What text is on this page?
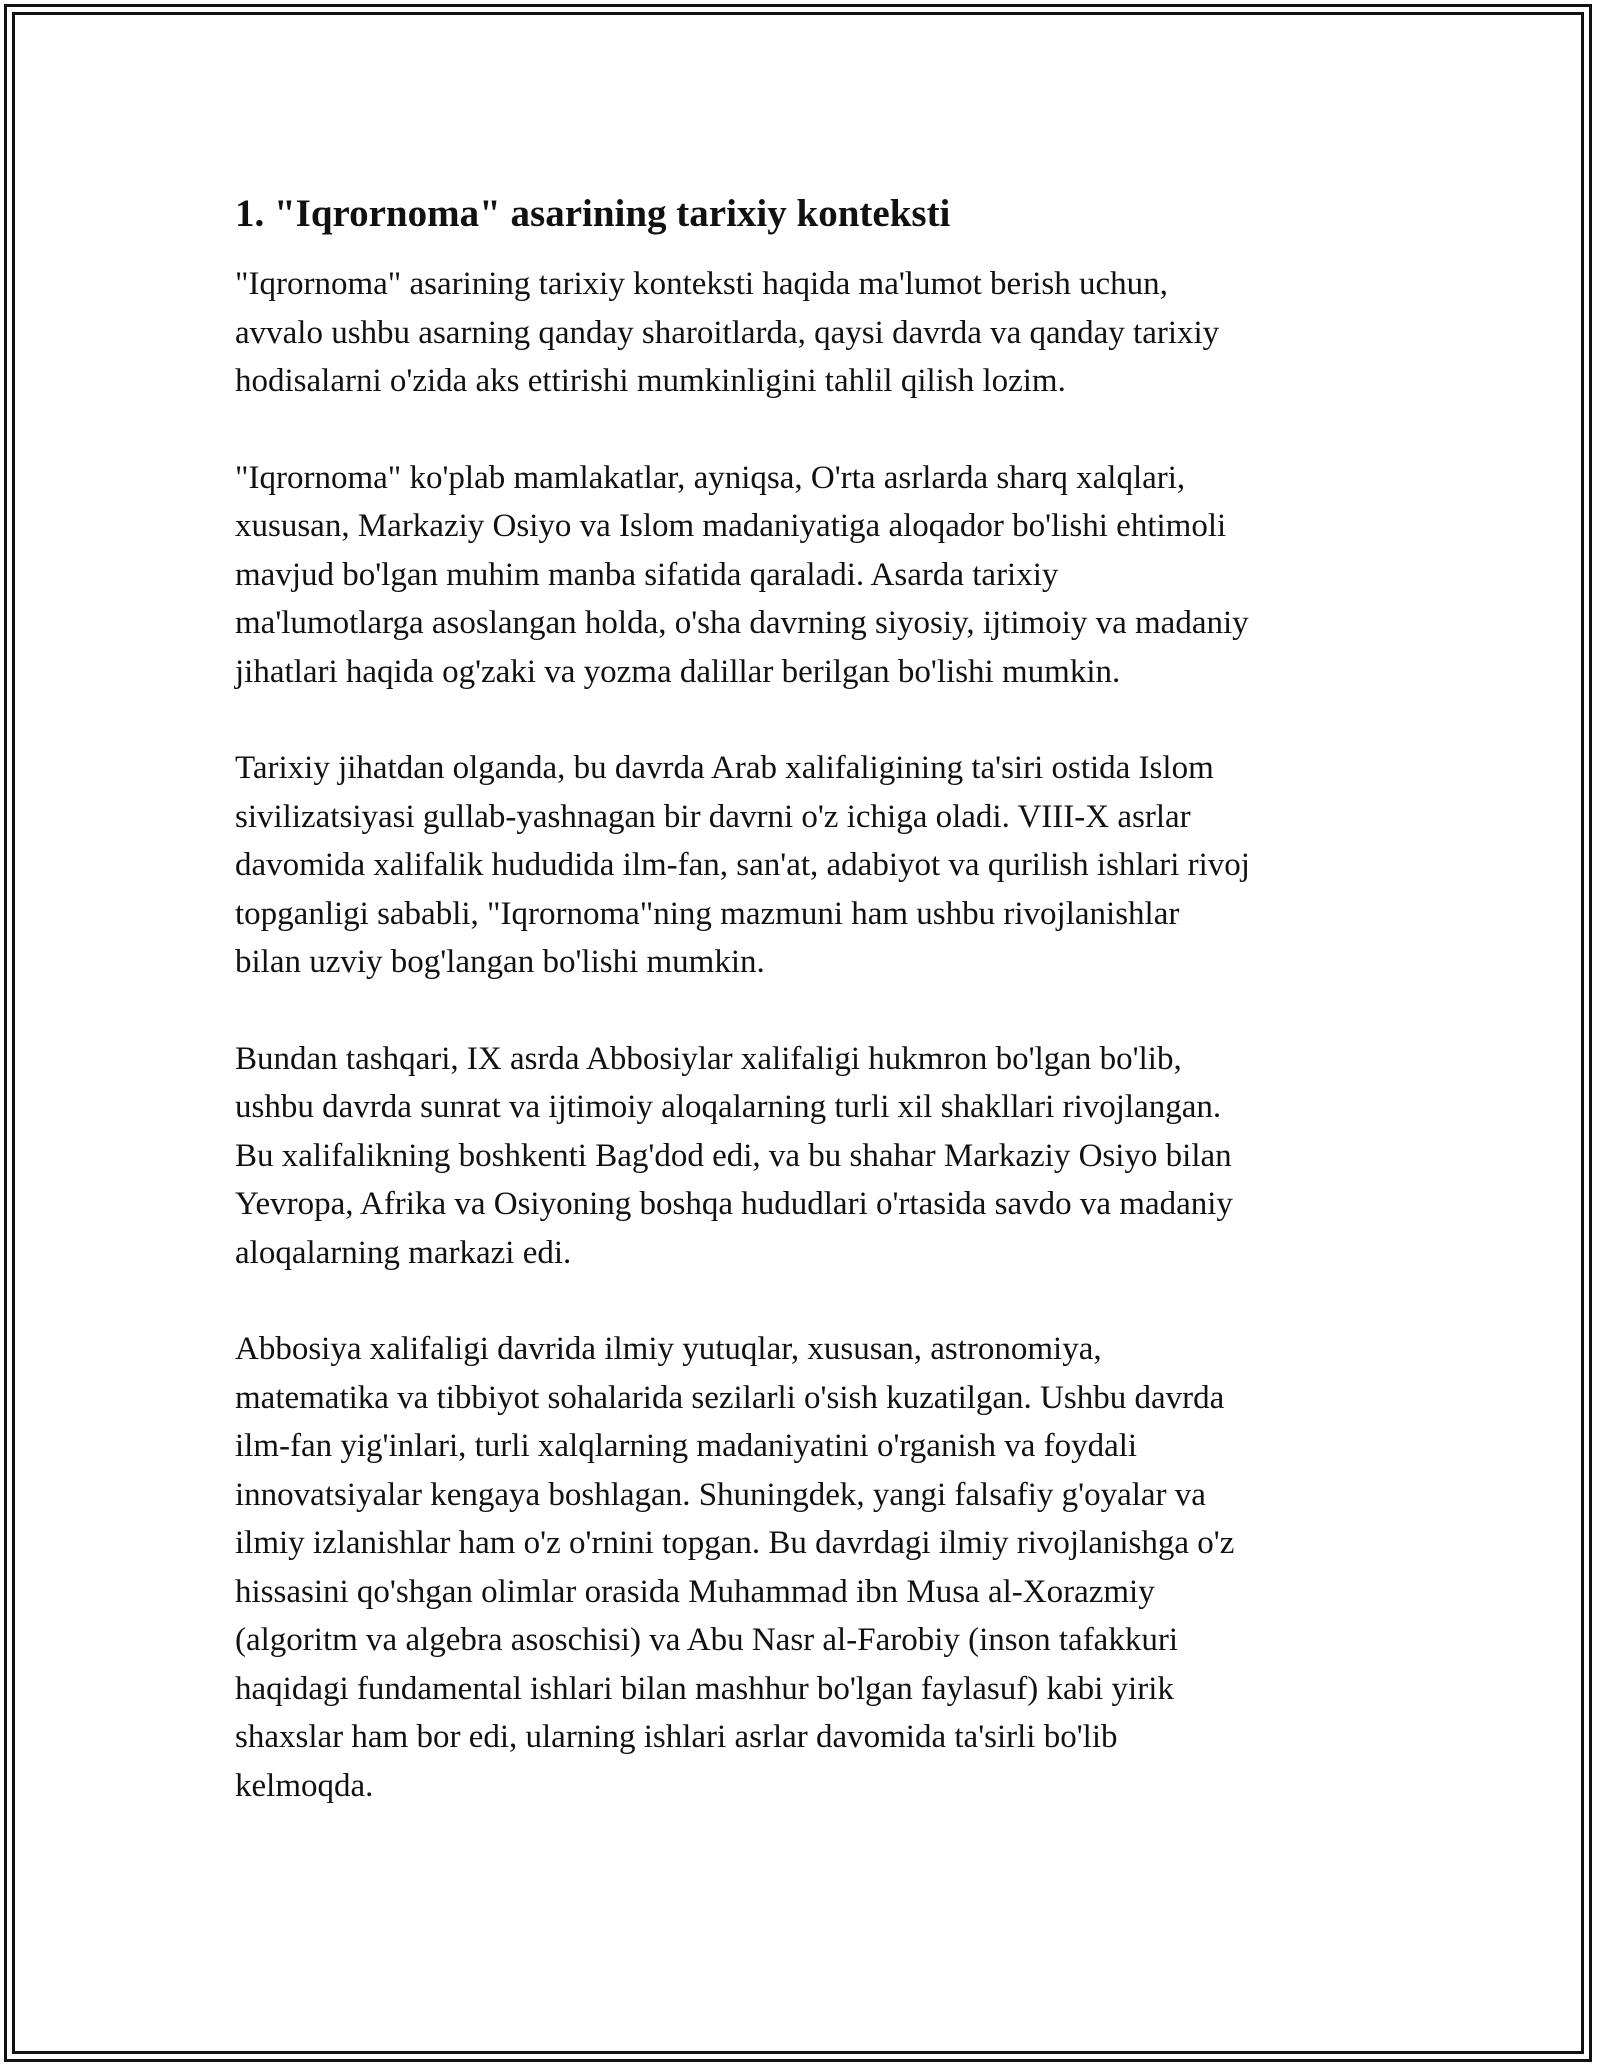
1. "Iqrornoma" asarining tarixiy konteksti

"Iqrornoma" asarining tarixiy konteksti haqida ma'lumot berish uchun,
avvalo ushbu asarning qanday sharoitlarda, qaysi davrda va qanday tarixiy
hodisalarni o'zida aks ettirishi mumkinligini tahlil qilish lozim.

"Iqrornoma" ko'plab mamlakatlar, ayniqsa, O'rta asrlarda sharq xalqlari,
xususan, Markaziy Osiyo va Islom madaniyatiga aloqador bo'lishi ehtimoli
mavjud bo'lgan muhim manba sifatida qaraladi. Asarda tarixiy
ma'lumotlarga asoslangan holda, o'sha davrning siyosiy, ijtimoiy va madaniy
jihatlari haqida og'zaki va yozma dalillar berilgan bo'lishi mumkin.

Tarixiy jihatdan olganda, bu davrda Arab xalifaligining ta'siri ostida Islom
sivilizatsiyasi gullab-yashnagan bir davrni o'z ichiga oladi. VIII-X asrlar
davomida xalifalik hududida ilm-fan, san'at, adabiyot va qurilish ishlari rivoj
topganligi sababli, "Iqrornoma"ning mazmuni ham ushbu rivojlanishlar
bilan uzviy bog'langan bo'lishi mumkin.

Bundan tashqari, IX asrda Abbosiylar xalifaligi hukmron bo'lgan bo'lib,
ushbu davrda sunrat va ijtimoiy aloqalarning turli xil shakllari rivojlangan.
Bu xalifalikning boshkenti Bag'dod edi, va bu shahar Markaziy Osiyo bilan
Yevropa, Afrika va Osiyoning boshqa hududlari o'rtasida savdo va madaniy
aloqalarning markazi edi.

Abbosiya xalifaligi davrida ilmiy yutuqlar, xususan, astronomiya,
matematika va tibbiyot sohalarida sezilarli o'sish kuzatilgan. Ushbu davrda
ilm-fan yig'inlari, turli xalqlarning madaniyatini o'rganish va foydali
innovatsiyalar kengaya boshlagan. Shuningdek, yangi falsafiy g'oyalar va
ilmiy izlanishlar ham o'z o'rnini topgan. Bu davrdagi ilmiy rivojlanishga o'z
hissasini qo'shgan olimlar orasida Muhammad ibn Musa al-Xorazmiy
(algoritm va algebra asoschisi) va Abu Nasr al-Farobiy (inson tafakkuri
haqidagi fundamental ishlari bilan mashhur bo'lgan faylasuf) kabi yirik
shaxslar ham bor edi, ularning ishlari asrlar davomida ta'sirli bo'lib
kelmoqda.
